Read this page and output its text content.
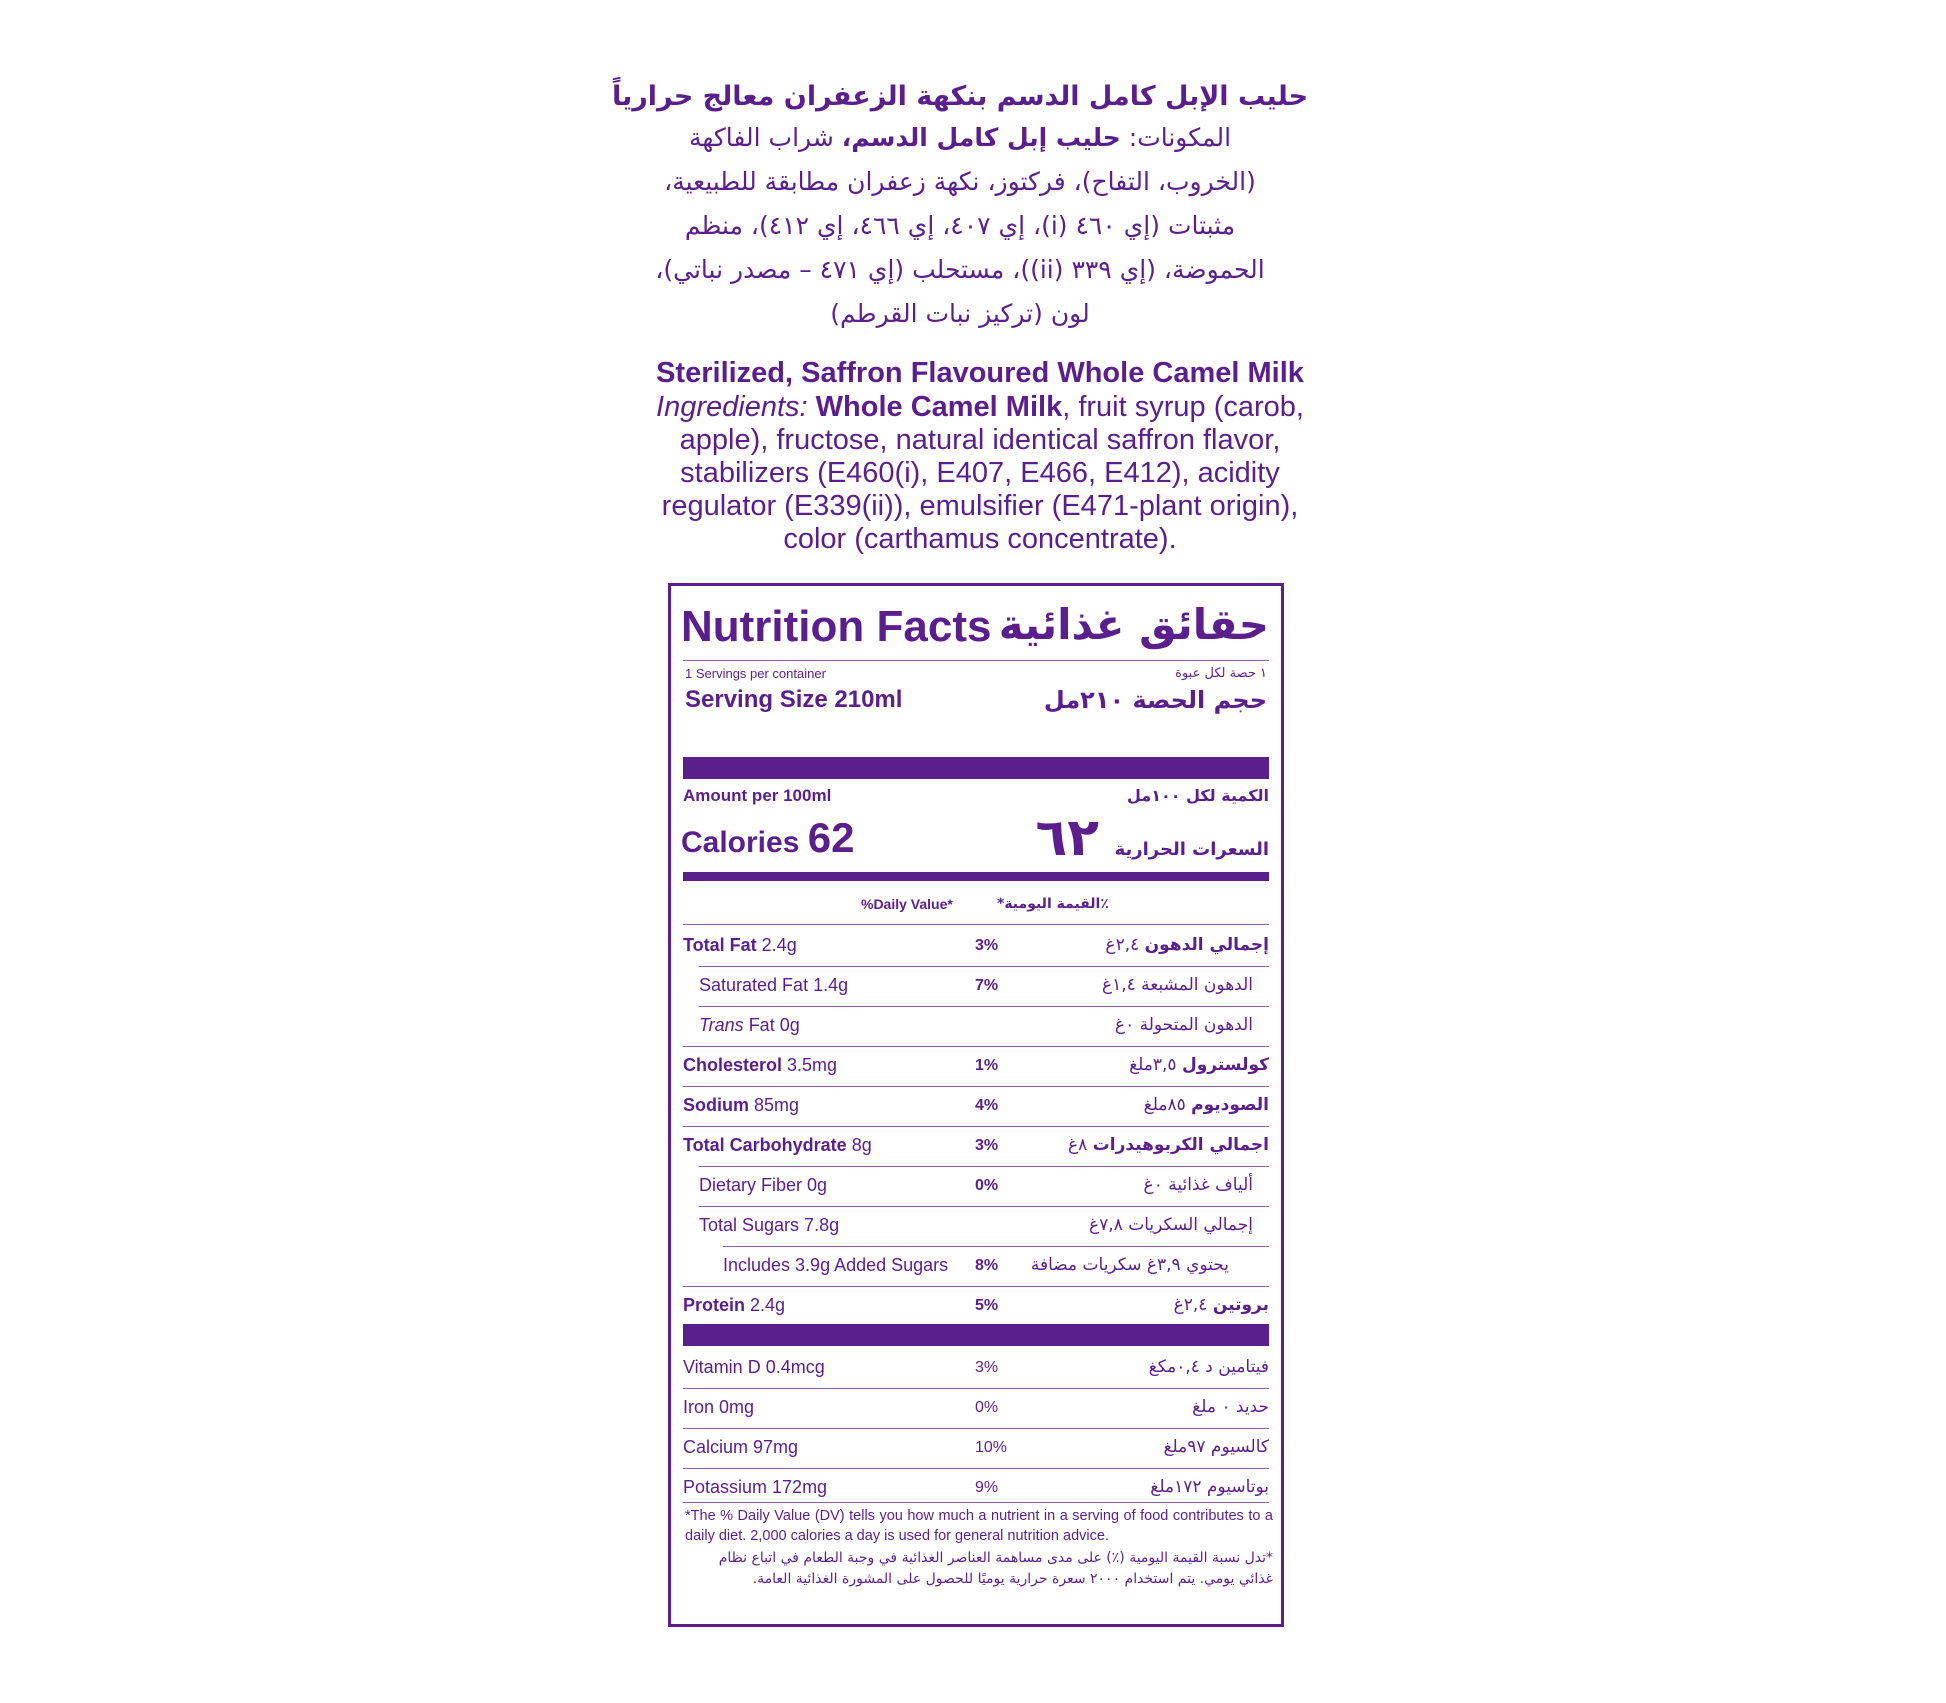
حليب الإبل كامل الدسم بنكهة الزعفران معالج حرارياً
المكونات: حليب إبل كامل الدسم، شراب الفاكهة
(الخروب، التفاح)، فركتوز، نكهة زعفران مطابقة للطبيعية،
مثبتات (إي ٤٦٠ (i)، إي ٤٠٧، إي ٤٦٦، إي ٤١٢)، منظم
الحموضة، (إي ٣٣٩ (ii))، مستحلب (إي ٤٧١ – مصدر نباتي)،
لون (تركيز نبات القرطم)
Sterilized, Saffron Flavoured Whole Camel Milk
Ingredients: Whole Camel Milk, fruit syrup (carob,
apple), fructose, natural identical saffron flavor,
stabilizers (E460(i), E407, E466, E412), acidity
regulator (E339(ii)), emulsifier (E471-plant origin),
color (carthamus concentrate).
Nutrition Facts حقائق غذائية
1 Servings per container	١ حصة لكل عبوة
Serving Size 210ml	حجم الحصة ٢١٠مل
Amount per 100ml	الكمية لكل ١٠٠مل
Calories 62	السعرات الحرارية ٦٢
%Daily Value*	٪القيمة اليومية*
Total Fat 2.4g	3%	إجمالي الدهون ٢,٤غ
Saturated Fat 1.4g	7%	الدهون المشبعة ١,٤غ
Trans Fat 0g	الدهون المتحولة ٠غ
Cholesterol 3.5mg	1%	كولسترول ٣,٥ملغ
Sodium 85mg	4%	الصوديوم ٨٥ملغ
Total Carbohydrate 8g	3%	اجمالي الكربوهيدرات ٨غ
Dietary Fiber 0g	0%	ألياف غذائية ٠غ
Total Sugars 7.8g	إجمالي السكريات ٧,٨غ
Includes 3.9g Added Sugars 8% يحتوي ٣,٩غ سكريات مضافة
Protein 2.4g	5%	بروتين ٢,٤غ
Vitamin D 0.4mcg	3%	فيتامين د ٠,٤مكغ
Iron 0mg	0%	حديد ٠ ملغ
Calcium 97mg	10%	كالسيوم ٩٧ملغ
Potassium 172mg	9%	بوتاسيوم ١٧٢ملغ
*The % Daily Value (DV) tells you how much a nutrient in a serving of food contributes to a daily diet. 2,000 calories a day is used for general nutrition advice.
*تدل نسبة القيمة اليومية (٪) على مدى مساهمة العناصر الغذائية في وجبة الطعام في اتباع نظام غذائي يومي. يتم استخدام ٢٠٠٠ سعرة حرارية يوميًا للحصول على المشورة الغذائية العامة.
